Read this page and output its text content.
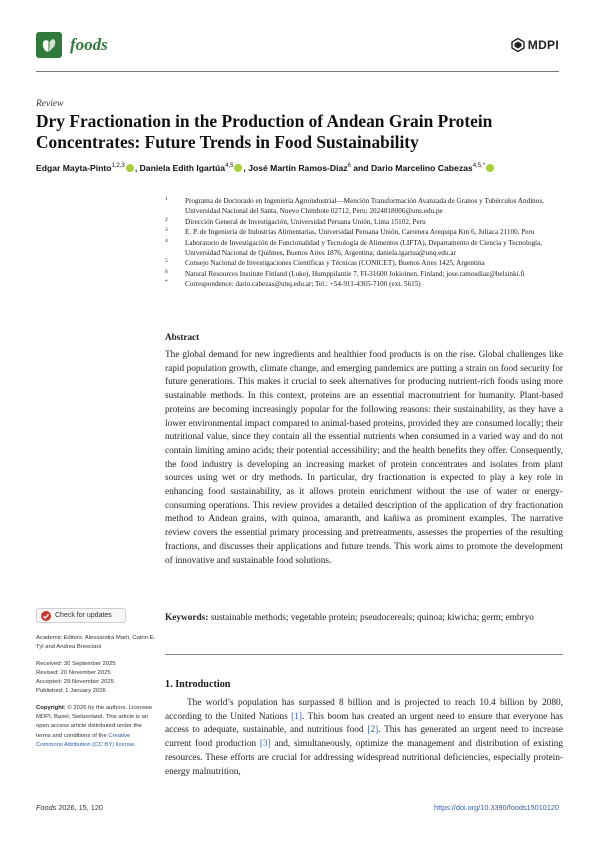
foods	MDPI
Review
Dry Fractionation in the Production of Andean Grain Protein Concentrates: Future Trends in Food Sustainability
Edgar Mayta-Pinto$^{1,2,3}$ , Daniela Edith Igartúa$^{4,5}$ , José Martín Ramos-Diaz$^6$ and Dario Marcelino Cabezas$^{4,5,*}$
1 Programa de Doctorado en Ingeniería Agroindustrial—Mención Transformación Avanzada de Granos y Tubérculos Andinos, Universidad Nacional del Santa, Nuevo Chimbote 02712, Peru; 2024818006@uns.edu.pe
2 Dirección General de Investigación, Universidad Peruana Unión, Lima 15102, Peru
3 E. P. de Ingeniería de Industrias Alimentarias, Universidad Peruana Unión, Carretera Arequipa Km 6, Juliaca 21100, Peru
4 Laboratorio de Investigación de Funcionalidad y Tecnología de Alimentos (LIFTA), Departamento de Ciencia y Tecnología, Universidad Nacional de Quilmes, Buenos Aires 1876, Argentina; daniela.igartua@unq.edu.ar
5 Consejo Nacional de Investigaciones Científicas y Técnicas (CONICET), Buenos Aires 1425, Argentina
6 Natural Resources Institute Finland (Luke), Humppilantie 7, FI-31600 Jokioinen, Finland; jose.ramosdiaz@helsinki.fi
* Correspondence: dario.cabezas@unq.edu.ar; Tel.: +54-911-4365-7100 (ext. 5615)
Abstract
The global demand for new ingredients and healthier food products is on the rise. Global challenges like rapid population growth, climate change, and emerging pandemics are putting a strain on food security for future generations. This makes it crucial to seek alternatives for producing nutrient-rich foods using more sustainable methods. In this context, proteins are an essential macronutrient for humanity. Plant-based proteins are becoming increasingly popular for the following reasons: their sustainability, as they have a lower environmental impact compared to animal-based proteins, provided they are consumed locally; their nutritional value, since they contain all the essential nutrients when consumed in a varied way and do not contain limiting amino acids; their potential accessibility; and the health benefits they offer. Consequently, the food industry is developing an increasing market of protein concentrates and isolates from plant sources using wet or dry methods. In particular, dry fractionation is expected to play a key role in enhancing food sustainability, as it allows protein enrichment without the use of water or energy-consuming operations. This review provides a detailed description of the application of dry fractionation method to Andean grains, with quinoa, amaranth, and kañiwa as prominent examples. The narrative review covers the essential primary processing and pretreatments, assesses the properties of the resulting fractions, and discusses their applications and future trends. This work aims to promote the development of innovative and sustainable food solutions.
Keywords: sustainable methods; vegetable protein; pseudocereals; quinoa; kiwicha; germ; embryo
Check for updates
Academic Editors: Alessandra Marti, Catrin E. Tyl and Andrea Bresciani
Received: 30 September 2025
Revised: 20 November 2025
Accepted: 29 November 2025
Published: 1 January 2026
Copyright: © 2026 by the authors. Licensee MDPI, Basel, Switzerland. This article is an open access article distributed under the terms and conditions of the Creative Commons Attribution (CC BY) license.
1. Introduction
The world’s population has surpassed 8 billion and is projected to reach 10.4 billion by 2080, according to the United Nations [1]. This boom has created an urgent need to ensure that everyone has access to adequate, sustainable, and nutritious food [2]. This has generated an urgent need to increase current food production [3] and, simultaneously, optimize the management and distribution of existing resources. These efforts are crucial for addressing widespread nutritional deficiencies, especially protein-energy malnutrition,
Foods 2026, 15, 120	https://doi.org/10.3390/foods15010120
